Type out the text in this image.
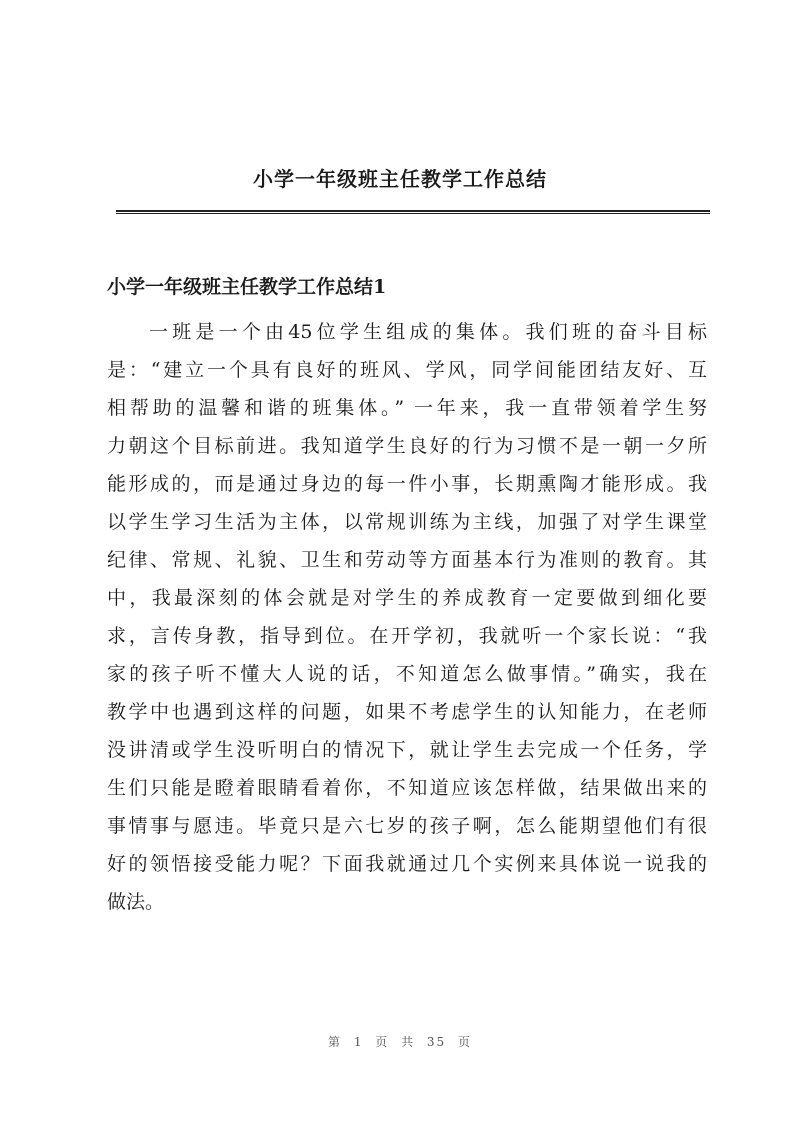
小学一年级班主任教学工作总结
小学一年级班主任教学工作总结1
一班是一个由45位学生组成的集体。我们班的奋斗目标
是：“建立一个具有良好的班风、学风，同学间能团结友好、互
相帮助的温馨和谐的班集体。” 一年来，我一直带领着学生努
力朝这个目标前进。我知道学生良好的行为习惯不是一朝一夕所
能形成的，而是通过身边的每一件小事，长期熏陶才能形成。我
以学生学习生活为主体，以常规训练为主线，加强了对学生课堂
纪律、常规、礼貌、卫生和劳动等方面基本行为准则的教育。其
中，我最深刻的体会就是对学生的养成教育一定要做到细化要
求，言传身教，指导到位。在开学初，我就听一个家长说：“我
家的孩子听不懂大人说的话，不知道怎么做事情。”确实，我在
教学中也遇到这样的问题，如果不考虑学生的认知能力，在老师
没讲清或学生没听明白的情况下，就让学生去完成一个任务，学
生们只能是瞪着眼睛看着你，不知道应该怎样做，结果做出来的
事情事与愿违。毕竟只是六七岁的孩子啊，怎么能期望他们有很
好的领悟接受能力呢？下面我就通过几个实例来具体说一说我的
做法。
第 1 页 共 35 页
